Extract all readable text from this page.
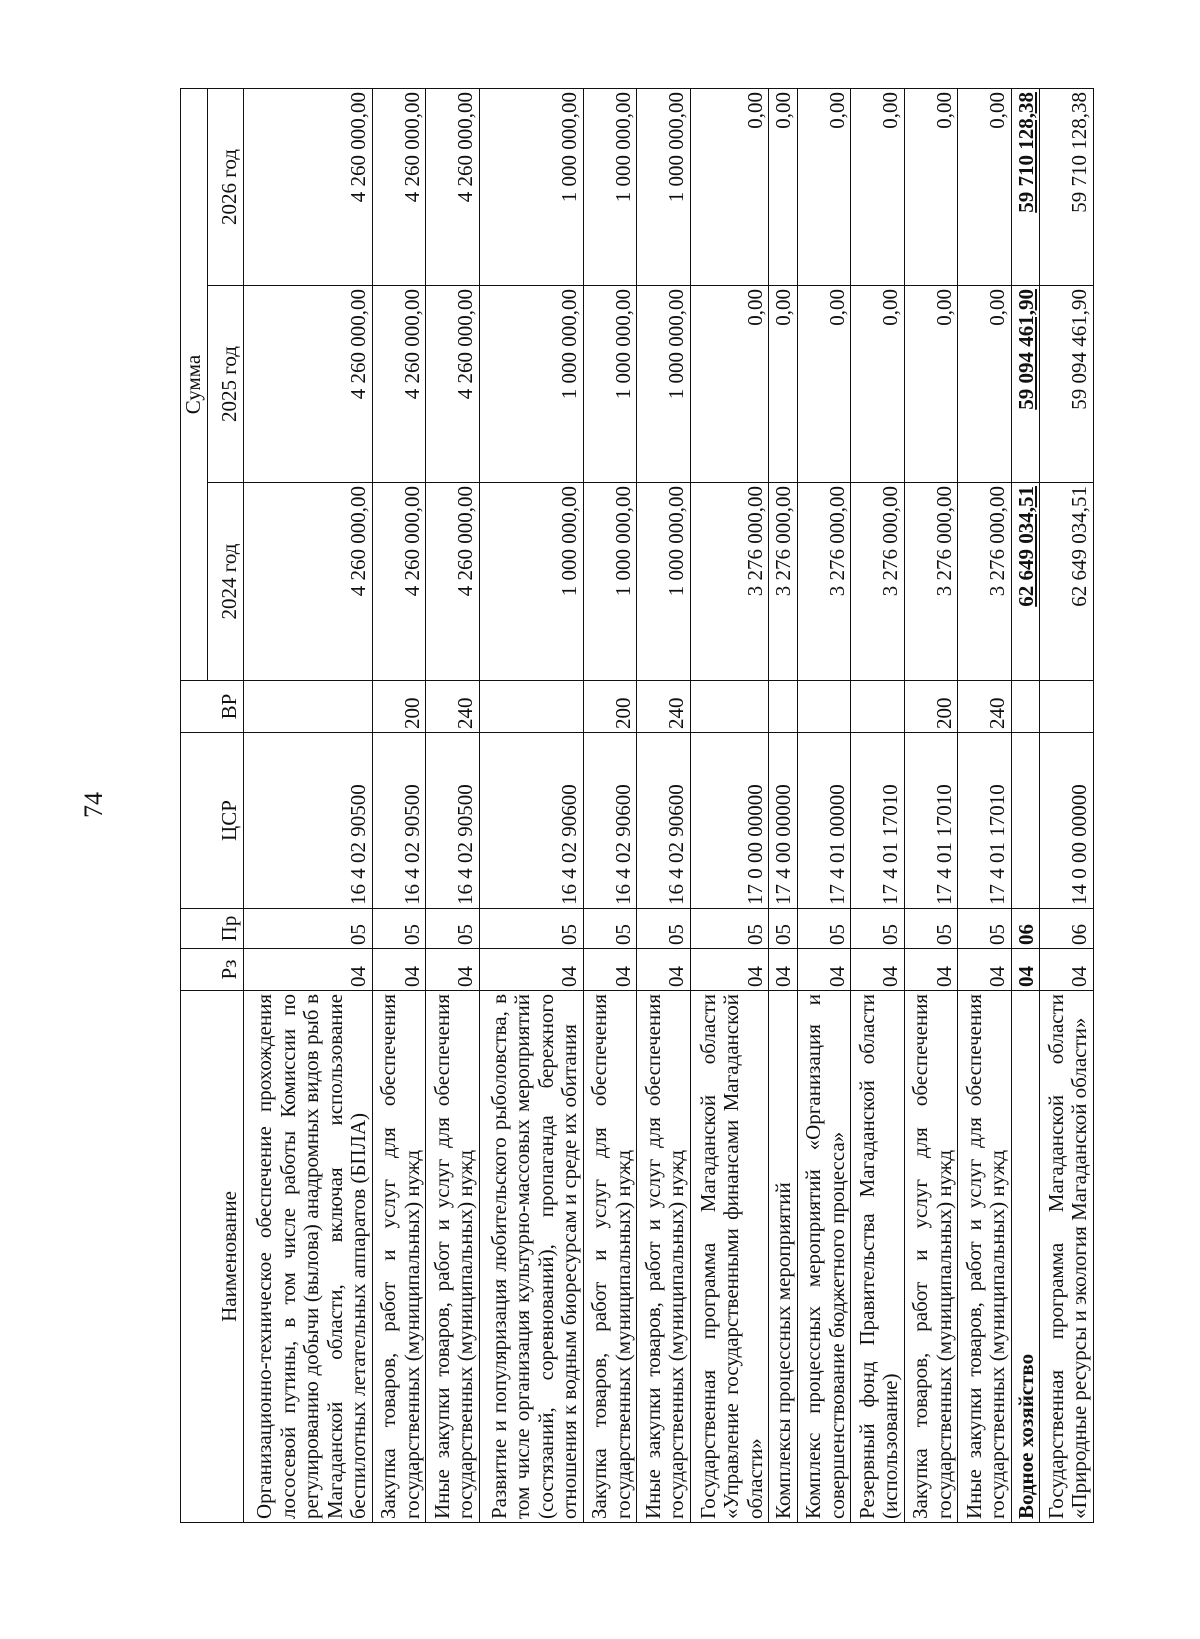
74
Наименование	Рз	Пр	ЦСР	ВР	Сумма		
					2024 год	2025 год	2026 год
Организационно-техническое обеспечение прохождения лососевой путины, в том числе работы Комиссии по регулированию добычи (вылова) анадромных видов рыб в Магаданской области, включая использование беспилотных летательных аппаратов (БПЛА)	04	05	16 4 02 90500		4 260 000,00	4 260 000,00	4 260 000,00
Закупка товаров, работ и услуг для обеспечения государственных (муниципальных) нужд	04	05	16 4 02 90500	200	4 260 000,00	4 260 000,00	4 260 000,00
Иные закупки товаров, работ и услуг для обеспечения государственных (муниципальных) нужд	04	05	16 4 02 90500	240	4 260 000,00	4 260 000,00	4 260 000,00
Развитие и популяризация любительского рыболовства, в том числе организация культурно-массовых мероприятий (состязаний, соревнований), пропаганда бережного отношения к водным биоресурсам и среде их обитания	04	05	16 4 02 90600		1 000 000,00	1 000 000,00	1 000 000,00
Закупка товаров, работ и услуг для обеспечения государственных (муниципальных) нужд	04	05	16 4 02 90600	200	1 000 000,00	1 000 000,00	1 000 000,00
Иные закупки товаров, работ и услуг для обеспечения государственных (муниципальных) нужд	04	05	16 4 02 90600	240	1 000 000,00	1 000 000,00	1 000 000,00
Государственная программа Магаданской области «Управление государственными финансами Магаданской области»	04	05	17 0 00 00000		3 276 000,00	0,00	0,00
Комплексы процессных мероприятий	04	05	17 4 00 00000		3 276 000,00	0,00	0,00
Комплекс процессных мероприятий «Организация и совершенствование бюджетного процесса»	04	05	17 4 01 00000		3 276 000,00	0,00	0,00
Резервный фонд Правительства Магаданской области (использование)	04	05	17 4 01 17010		3 276 000,00	0,00	0,00
Закупка товаров, работ и услуг для обеспечения государственных (муниципальных) нужд	04	05	17 4 01 17010	200	3 276 000,00	0,00	0,00
Иные закупки товаров, работ и услуг для обеспечения государственных (муниципальных) нужд	04	05	17 4 01 17010	240	3 276 000,00	0,00	0,00
Водное хозяйство	04	06			62 649 034,51	59 094 461,90	59 710 128,38
Государственная программа Магаданской области «Природные ресурсы и экология Магаданской области»	04	06	14 0 00 00000		62 649 034,51	59 094 461,90	59 710 128,38
